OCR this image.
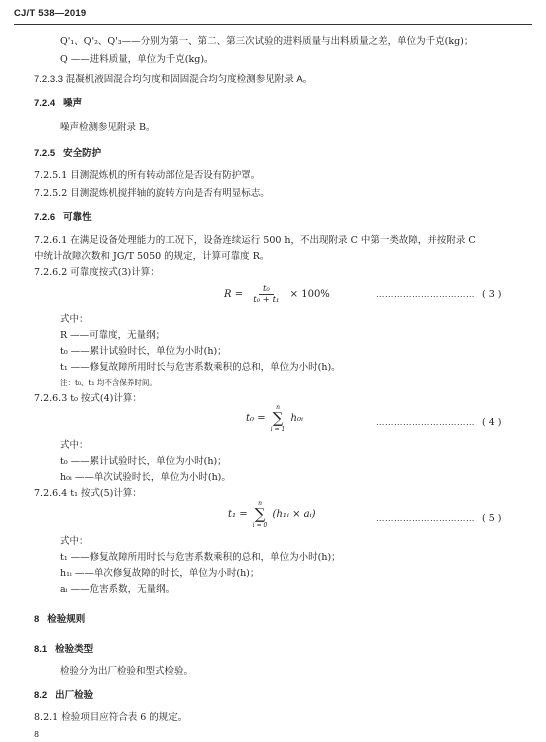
CJ/T 538—2019
Q'₁、Q'₂、Q'₃——分别为第一、第二、第三次试验的进料质量与出料质量之差，单位为千克(kg)；
Q ——进料质量，单位为千克(kg)。
7.2.3.3 混凝机液固混合均匀度和固固混合均匀度检测参见附录 A。
7.2.4 噪声
噪声检测参见附录 B。
7.2.5 安全防护
7.2.5.1 目测混炼机的所有转动部位是否设有防护罩。
7.2.5.2 目测混炼机搅拌轴的旋转方向是否有明显标志。
7.2.6 可靠性
7.2.6.1 在满足设备处理能力的工况下，设备连续运行 500 h，不出现附录 C 中第一类故障，并按附录 C
中统计故障次数和 JG/T 5050 的规定，计算可靠度 R。
7.2.6.2 可靠度按式(3)计算：
$R = \frac{\text{t₀}}{\text{t₀ + t₁}} \times 100\%$	…………………………… ( 3 )
式中：
R ——可靠度，无量纲；
t₀ ——累计试验时长，单位为小时(h)；
t₁ ——修复故障所用时长与危害系数乘积的总和，单位为小时(h)。
注：t₀、t₁ 均不含保养时间。
7.2.6.3 t₀ 按式(4)计算：
t₀ =
n
∑
i = 1
h₀ᵢ	…………………………… ( 4 )
式中：
t₀ ——累计试验时长，单位为小时(h)；
h₀ᵢ ——单次试验时长，单位为小时(h)。
7.2.6.4 t₁ 按式(5)计算：
t₁ =
n
∑
i = 0
(h₁ᵢ × aᵢ)	…………………………… ( 5 )
式中：
t₁ ——修复故障所用时长与危害系数乘积的总和，单位为小时(h)；
h₁ᵢ ——单次修复故障的时长，单位为小时(h)；
aᵢ ——危害系数，无量纲。
8 检验规则
8.1 检验类型
检验分为出厂检验和型式检验。
8.2 出厂检验
8.2.1 检验项目应符合表 6 的规定。
8
